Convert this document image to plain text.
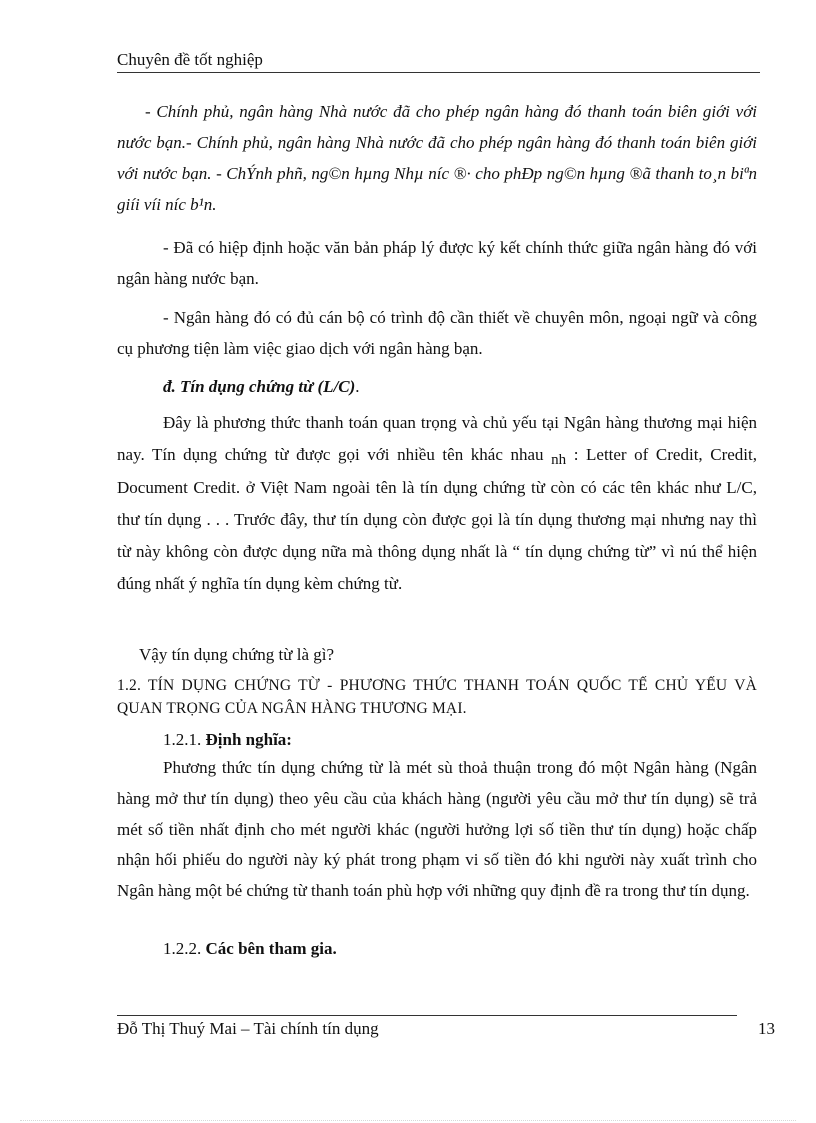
Chuyên đề tốt nghiệp

- Chính phủ, ngân hàng Nhà nước đã cho phép ngân hàng đó thanh toán biên giới với nước bạn.- Chính phủ, ngân hàng Nhà nước đã cho phép ngân hàng đó thanh toán biên giới với nước bạn. - ChÝnh phñ, ng©n hµng Nhµ níc ®· cho phÐp ng©n hµng ®ã thanh to¸n biªn giíi víi níc b¹n.

- Đã có hiệp định hoặc văn bản pháp lý được ký kết chính thức giữa ngân hàng đó với ngân hàng nước bạn.

- Ngân hàng đó có đủ cán bộ có trình độ cần thiết về chuyên môn, ngoại ngữ và công cụ phương tiện làm việc giao dịch với ngân hàng bạn.

đ. Tín dụng chứng từ (L/C).

Đây là phương thức thanh toán quan trọng và chủ yếu tại Ngân hàng thương mại hiện nay. Tín dụng chứng từ được gọi với nhiều tên khác nhau nh : Letter of Credit, Credit, Document Credit. ở Việt Nam ngoài tên là tín dụng chứng từ còn có các tên khác như L/C, thư tín dụng . . . Trước đây, thư tín dụng còn được gọi là tín dụng thương mại nhưng nay thì từ này không còn được dụng nữa mà thông dụng nhất là “ tín dụng chứng từ” vì nú thể hiện đúng nhất ý nghĩa tín dụng kèm chứng từ.

Vậy tín dụng chứng từ là gì?

1.2. TÍN DỤNG CHỨNG TỪ - PHƯƠNG THỨC THANH TOÁN QUỐC TẾ CHỦ YẾU VÀ QUAN TRỌNG CỦA NGÂN HÀNG THƯƠNG MẠI.

1.2.1. Định nghĩa:

Phương thức tín dụng chứng từ là mét sù thoả thuận trong đó một Ngân hàng (Ngân hàng mở thư tín dụng) theo yêu cầu của khách hàng (người yêu cầu mở thư tín dụng) sẽ trả mét số tiền nhất định cho mét người khác (người hưởng lợi số tiền thư tín dụng) hoặc chấp nhận hối phiếu do người này ký phát trong phạm vi số tiền đó khi người này xuất trình cho Ngân hàng một bé chứng từ thanh toán phù hợp với những quy định đề ra trong thư tín dụng.

1.2.2. Các bên tham gia.

Đỗ Thị Thuý Mai – Tài chính tín dụng	13
